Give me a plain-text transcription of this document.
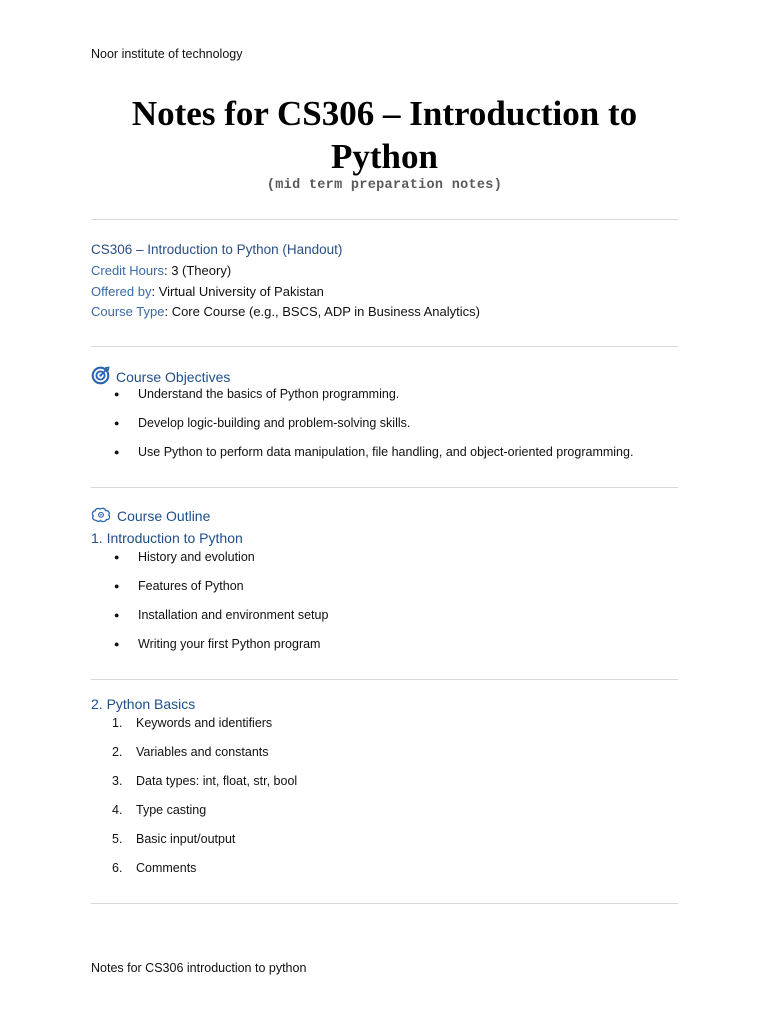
Noor institute of technology
Notes for CS306 – Introduction to Python
(mid term preparation notes)
CS306 – Introduction to Python (Handout)
Credit Hours: 3 (Theory)
Offered by: Virtual University of Pakistan
Course Type: Core Course (e.g., BSCS, ADP in Business Analytics)
Course Objectives
● Understand the basics of Python programming.
● Develop logic-building and problem-solving skills.
● Use Python to perform data manipulation, file handling, and object-oriented programming.
Course Outline
1. Introduction to Python
● History and evolution
● Features of Python
● Installation and environment setup
● Writing your first Python program
2. Python Basics
1. Keywords and identifiers
2. Variables and constants
3. Data types: int, float, str, bool
4. Type casting
5. Basic input/output
6. Comments
Notes for CS306 introduction to python
